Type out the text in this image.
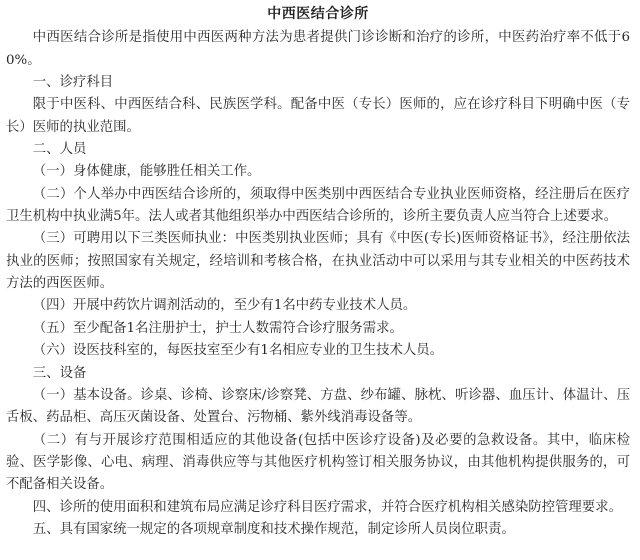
中西医结合诊所

中西医结合诊所是指使用中西医两种方法为患者提供门诊诊断和治疗的诊所，中医药治疗率不低于60%。

一、诊疗科目

限于中医科、中西医结合科、民族医学科。配备中医（专长）医师的，应在诊疗科目下明确中医（专长）医师的执业范围。

二、人员

（一）身体健康，能够胜任相关工作。

（二）个人举办中西医结合诊所的，须取得中医类别中西医结合专业执业医师资格，经注册后在医疗卫生机构中执业满5年。法人或者其他组织举办中西医结合诊所的，诊所主要负责人应当符合上述要求。

（三）可聘用以下三类医师执业：中医类别执业医师；具有《中医(专长)医师资格证书》，经注册依法执业的医师；按照国家有关规定，经培训和考核合格，在执业活动中可以采用与其专业相关的中医药技术方法的西医医师。

（四）开展中药饮片调剂活动的，至少有1名中药专业技术人员。

（五）至少配备1名注册护士，护士人数需符合诊疗服务需求。

（六）设医技科室的，每医技室至少有1名相应专业的卫生技术人员。

三、设备

（一）基本设备。诊桌、诊椅、诊察床/诊察凳、方盘、纱布罐、脉枕、听诊器、血压计、体温计、压舌板、药品柜、高压灭菌设备、处置台、污物桶、紫外线消毒设备等。

（二）有与开展诊疗范围相适应的其他设备(包括中医诊疗设备)及必要的急救设备。其中，临床检验、医学影像、心电、病理、消毒供应等与其他医疗机构签订相关服务协议，由其他机构提供服务的，可不配备相关设备。

四、诊所的使用面积和建筑布局应满足诊疗科目医疗需求，并符合医疗机构相关感染防控管理要求。

五、具有国家统一规定的各项规章制度和技术操作规范，制定诊所人员岗位职责。
